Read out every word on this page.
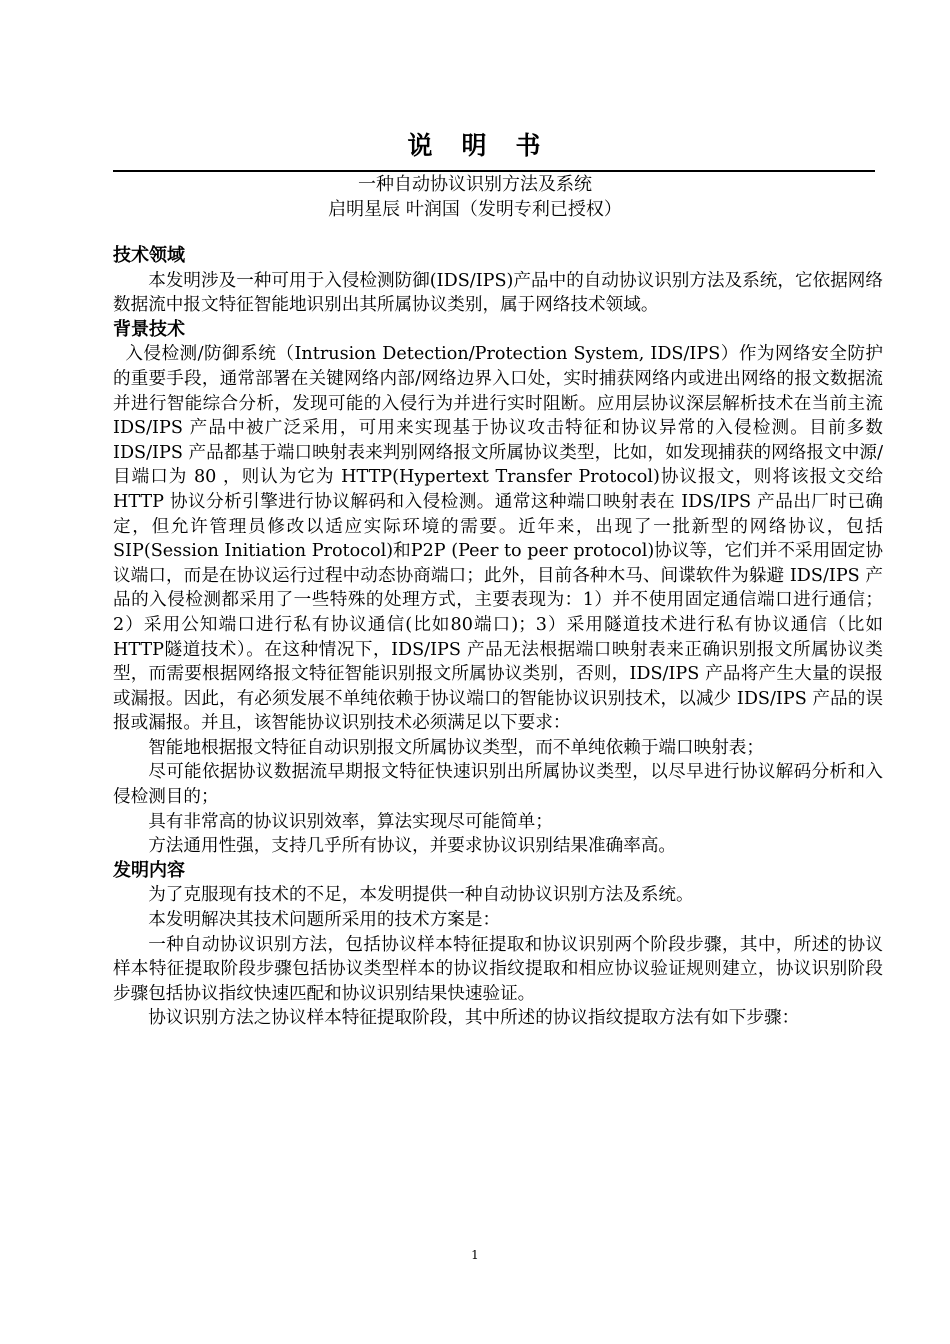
说　明　书
一种自动协议识别方法及系统
启明星辰 叶润国（发明专利已授权）
技术领域

本发明涉及一种可用于入侵检测防御(IDS/IPS)产品中的自动协议识别方法及系统，它依据网络数据流中报文特征智能地识别出其所属协议类别，属于网络技术领域。

背景技术

入侵检测/防御系统（Intrusion Detection/Protection System, IDS/IPS）作为网络安全防护的重要手段，通常部署在关键网络内部/网络边界入口处，实时捕获网络内或进出网络的报文数据流并进行智能综合分析，发现可能的入侵行为并进行实时阻断。应用层协议深层解析技术在当前主流 IDS/IPS 产品中被广泛采用，可用来实现基于协议攻击特征和协议异常的入侵检测。目前多数 IDS/IPS 产品都基于端口映射表来判别网络报文所属协议类型，比如，如发现捕获的网络报文中源/目端口为 80 ，则认为它为 HTTP(Hypertext Transfer Protocol)协议报文，则将该报文交给HTTP 协议分析引擎进行协议解码和入侵检测。通常这种端口映射表在 IDS/IPS 产品出厂时已确定，但允许管理员修改以适应实际环境的需要。近年来，出现了一批新型的网络协议，包括SIP(Session Initiation Protocol)和P2P (Peer to peer protocol)协议等，它们并不采用固定协议端口，而是在协议运行过程中动态协商端口；此外，目前各种木马、间谍软件为躲避 IDS/IPS 产品的入侵检测都采用了一些特殊的处理方式，主要表现为：1）并不使用固定通信端口进行通信；2）采用公知端口进行私有协议通信(比如80端口)；3）采用隧道技术进行私有协议通信（比如HTTP隧道技术）。在这种情况下，IDS/IPS 产品无法根据端口映射表来正确识别报文所属协议类型，而需要根据网络报文特征智能识别报文所属协议类别，否则，IDS/IPS 产品将产生大量的误报或漏报。因此，有必须发展不单纯依赖于协议端口的智能协议识别技术，以减少 IDS/IPS 产品的误报或漏报。并且，该智能协议识别技术必须满足以下要求：

智能地根据报文特征自动识别报文所属协议类型，而不单纯依赖于端口映射表；

尽可能依据协议数据流早期报文特征快速识别出所属协议类型，以尽早进行协议解码分析和入侵检测目的；

具有非常高的协议识别效率，算法实现尽可能简单；

方法通用性强，支持几乎所有协议，并要求协议识别结果准确率高。

发明内容

为了克服现有技术的不足，本发明提供一种自动协议识别方法及系统。

本发明解决其技术问题所采用的技术方案是：

一种自动协议识别方法，包括协议样本特征提取和协议识别两个阶段步骤，其中，所述的协议样本特征提取阶段步骤包括协议类型样本的协议指纹提取和相应协议验证规则建立，协议识别阶段步骤包括协议指纹快速匹配和协议识别结果快速验证。

协议识别方法之协议样本特征提取阶段，其中所述的协议指纹提取方法有如下步骤：

1
